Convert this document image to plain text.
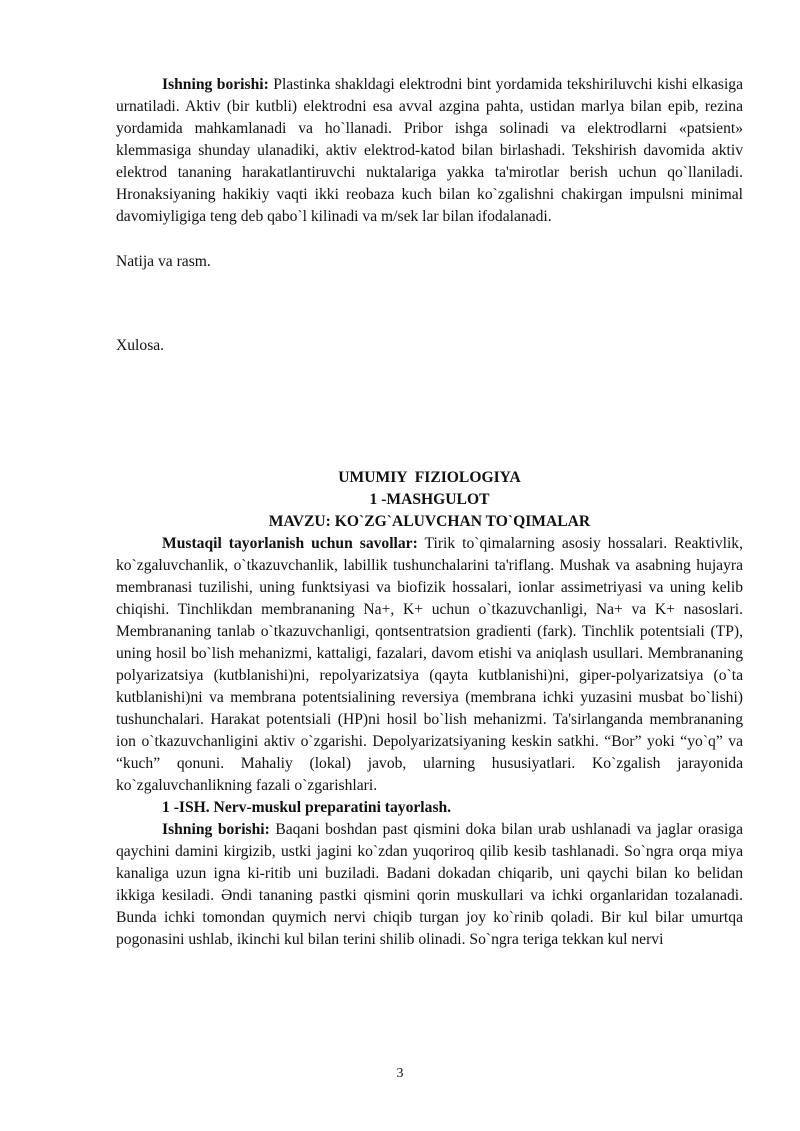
Ishning borishi: Plastinka shakldagi elektrodni bint yordamida tekshiriluvchi kishi elkasiga urnatiladi. Aktiv (bir kutbli) elektrodni esa avval azgina pahta, ustidan marlya bilan epib, rezina yordamida mahkamlanadi va ho`llanadi. Pribor ishga solinadi va elektrodlarni «patsient» klemmasiga shunday ulanadiki, aktiv elektrod-katod bilan birlashadi. Tekshirish davomida aktiv elektrod tananing harakatlantiruvchi nuktalariga yakka ta'mirotlar berish uchun qo`llaniladi. Hronaksiyaning hakikiy vaqti ikki reobaza kuch bilan ko`zgalishni chakirgan impulsni minimal davomiyligiga teng deb qabo`l kilinadi va m/sek lar bilan ifodalanadi.

Natija va rasm.

Xulosa.

UMUMIY  FIZIOLOGIYA
1 -MASHGULOT
MAVZU: KO`ZG`ALUVCHAN TO`QIMALAR

Mustaqil tayorlanish uchun savollar: Tirik to`qimalarning asosiy hossalari. Reaktivlik, ko`zgaluvchanlik, o`tkazuvchanlik, labillik tushunchalarini ta'riflang. Mushak va asabning hujayra membranasi tuzilishi, uning funktsiyasi va biofizik hossalari, ionlar assimetriyasi va uning kelib chiqishi. Tinchlikdan membrananing Na+, K+ uchun o`tkazuvchanligi, Na+ va K+ nasoslari. Membrananing tanlab o`tkazuvchanligi, qontsentratsion gradienti (fark). Tinchlik potentsiali (TP), uning hosil bo`lish mehanizmi, kattaligi, fazalari, davom etishi va aniqlash usullari. Membrananing polyarizatsiya (kutblanishi)ni, repolyarizatsiya (qayta kutblanishi)ni, giper-polyarizatsiya (o`ta kutblanishi)ni va membrana potentsialining reversiya (membrana ichki yuzasini musbat bo`lishi) tushunchalari. Harakat potentsiali (HP)ni hosil bo`lish mehanizmi. Ta'sirlanganda membrananing ion o`tkazuvchanligini aktiv o`zgarishi. Depolyarizatsiyaning keskin satkhi. “Bor” yoki “yo`q” va “kuch” qonuni. Mahaliy (lokal) javob, ularning hususiyatlari. Ko`zgalish jarayonida ko`zgaluvchanlikning fazali o`zgarishlari.

1 -ISH. Nerv-muskul preparatini tayorlash.

Ishning borishi: Baqani boshdan past qismini doka bilan urab ushlanadi va jaglar orasiga qaychini damini kirgizib, ustki jagini ko`zdan yuqoriroq qilib kesib tashlanadi. So`ngra orqa miya kanaliga uzun igna ki-ritib uni buziladi. Badani dokadan chiqarib, uni qaychi bilan ko belidan ikkiga kesiladi. Əndi tananing pastki qismini qorin muskullari va ichki organlaridan tozalanadi. Bunda ichki tomondan quymich nervi chiqib turgan joy ko`rinib qoladi. Bir kul bilar umurtqa pogonasini ushlab, ikinchi kul bilan terini shilib olinadi. So`ngra teriga tekkan kul nervi

3
